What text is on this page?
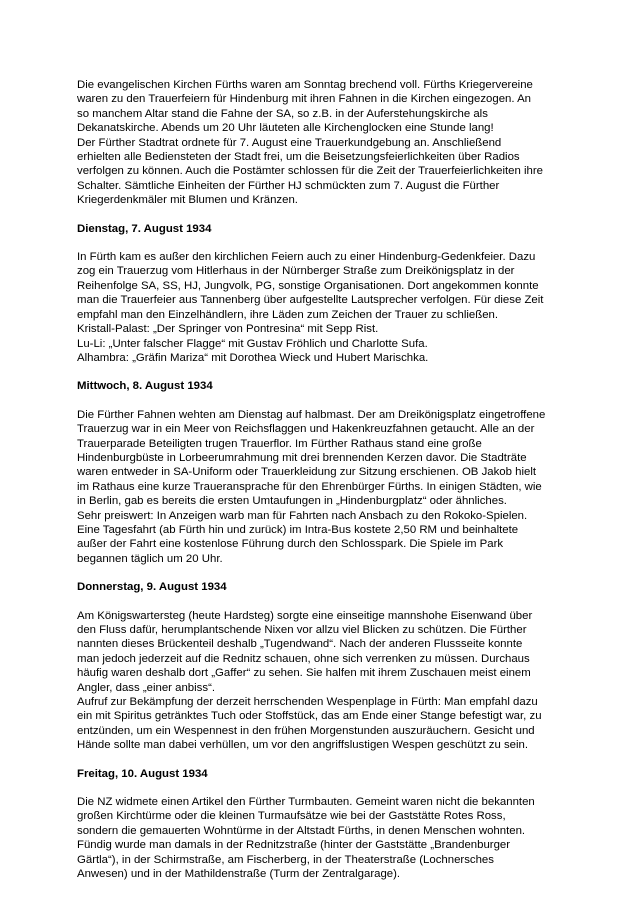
Die evangelischen Kirchen Fürths waren am Sonntag brechend voll. Fürths Kriegervereine
waren zu den Trauerfeiern für Hindenburg mit ihren Fahnen in die Kirchen eingezogen. An
so manchem Altar stand die Fahne der SA, so z.B. in der Auferstehungskirche als
Dekanatskirche. Abends um 20 Uhr läuteten alle Kirchenglocken eine Stunde lang!
Der Fürther Stadtrat ordnete für 7. August eine Trauerkundgebung an. Anschließend
erhielten alle Bediensteten der Stadt frei, um die Beisetzungsfeierlichkeiten über Radios
verfolgen zu können. Auch die Postämter schlossen für die Zeit der Trauerfeierlichkeiten ihre
Schalter. Sämtliche Einheiten der Fürther HJ schmückten zum 7. August die Fürther
Kriegerdenkmäler mit Blumen und Kränzen.

Dienstag, 7. August 1934

In Fürth kam es außer den kirchlichen Feiern auch zu einer Hindenburg-Gedenkfeier. Dazu
zog ein Trauerzug vom Hitlerhaus in der Nürnberger Straße zum Dreikönigsplatz in der
Reihenfolge SA, SS, HJ, Jungvolk, PG, sonstige Organisationen. Dort angekommen konnte
man die Trauerfeier aus Tannenberg über aufgestellte Lautsprecher verfolgen. Für diese Zeit
empfahl man den Einzelhändlern, ihre Läden zum Zeichen der Trauer zu schließen.
Kristall-Palast: „Der Springer von Pontresina“ mit Sepp Rist.
Lu-Li: „Unter falscher Flagge“ mit Gustav Fröhlich und Charlotte Sufa.
Alhambra: „Gräfin Mariza“ mit Dorothea Wieck und Hubert Marischka.

Mittwoch, 8. August 1934

Die Fürther Fahnen wehten am Dienstag auf halbmast. Der am Dreikönigsplatz eingetroffene
Trauerzug war in ein Meer von Reichsflaggen und Hakenkreuzfahnen getaucht. Alle an der
Trauerparade Beteiligten trugen Trauerflor. Im Fürther Rathaus stand eine große
Hindenburgbüste in Lorbeerumrahmung mit drei brennenden Kerzen davor. Die Stadträte
waren entweder in SA-Uniform oder Trauerkleidung zur Sitzung erschienen. OB Jakob hielt
im Rathaus eine kurze Traueransprache für den Ehrenbürger Fürths. In einigen Städten, wie
in Berlin, gab es bereits die ersten Umtaufungen in „Hindenburgplatz“ oder ähnliches.
Sehr preiswert: In Anzeigen warb man für Fahrten nach Ansbach zu den Rokoko-Spielen.
Eine Tagesfahrt (ab Fürth hin und zurück) im Intra-Bus kostete 2,50 RM und beinhaltete
außer der Fahrt eine kostenlose Führung durch den Schlosspark. Die Spiele im Park
begannen täglich um 20 Uhr.

Donnerstag, 9. August 1934

Am Königswartersteg (heute Hardsteg) sorgte eine einseitige mannshohe Eisenwand über
den Fluss dafür, herumplantschende Nixen vor allzu viel Blicken zu schützen. Die Fürther
nannten dieses Brückenteil deshalb „Tugendwand“. Nach der anderen Flussseite konnte
man jedoch jederzeit auf die Rednitz schauen, ohne sich verrenken zu müssen. Durchaus
häufig waren deshalb dort „Gaffer“ zu sehen. Sie halfen mit ihrem Zuschauen meist einem
Angler, dass „einer anbiss“.
Aufruf zur Bekämpfung der derzeit herrschenden Wespenplage in Fürth: Man empfahl dazu
ein mit Spiritus getränktes Tuch oder Stoffstück, das am Ende einer Stange befestigt war, zu
entzünden, um ein Wespennest in den frühen Morgenstunden auszuräuchern. Gesicht und
Hände sollte man dabei verhüllen, um vor den angriffslustigen Wespen geschützt zu sein.

Freitag, 10. August 1934

Die NZ widmete einen Artikel den Fürther Turmbauten. Gemeint waren nicht die bekannten
großen Kirchtürme oder die kleinen Turmaufsätze wie bei der Gaststätte Rotes Ross,
sondern die gemauerten Wohntürme in der Altstadt Fürths, in denen Menschen wohnten.
Fündig wurde man damals in der Rednitzstraße (hinter der Gaststätte „Brandenburger
Gärtla“), in der Schirmstraße, am Fischerberg, in der Theaterstraße (Lochnersches
Anwesen) und in der Mathildenstraße (Turm der Zentralgarage).
